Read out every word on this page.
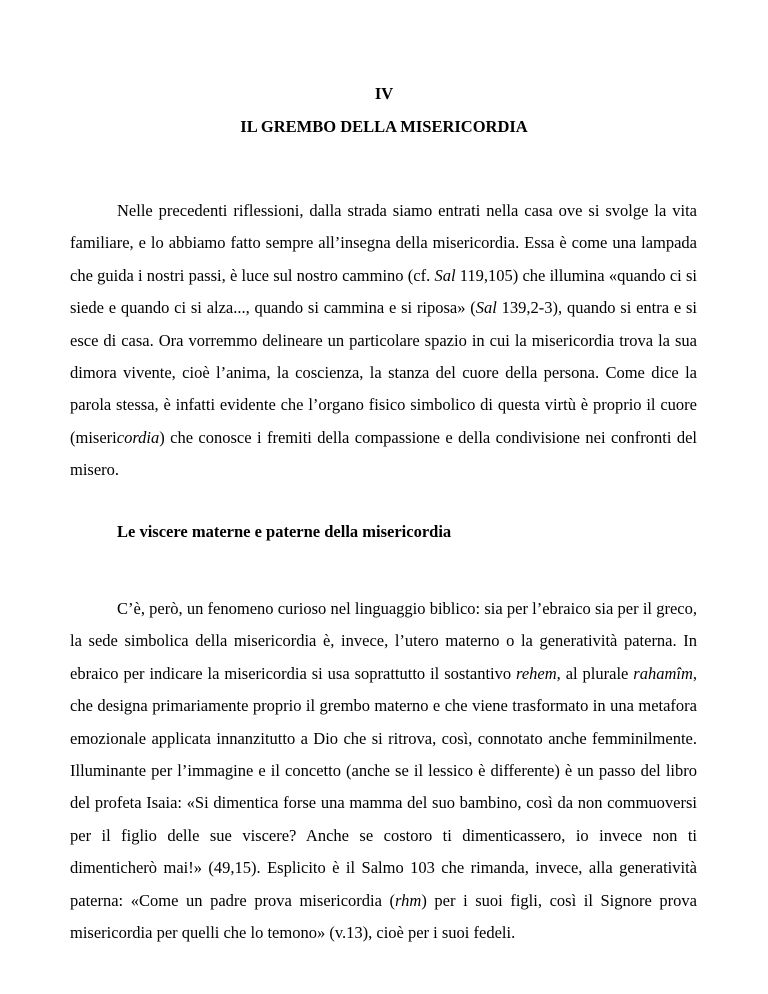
IV
IL GREMBO DELLA MISERICORDIA

Nelle precedenti riflessioni, dalla strada siamo entrati nella casa ove si svolge la vita familiare, e lo abbiamo fatto sempre all’insegna della misericordia. Essa è come una lampada che guida i nostri passi, è luce sul nostro cammino (cf. Sal 119,105) che illumina «quando ci si siede e quando ci si alza..., quando si cammina e si riposa» (Sal 139,2-3), quando si entra e si esce di casa. Ora vorremmo delineare un particolare spazio in cui la misericordia trova la sua dimora vivente, cioè l’anima, la coscienza, la stanza del cuore della persona. Come dice la parola stessa, è infatti evidente che l’organo fisico simbolico di questa virtù è proprio il cuore (misericordia) che conosce i fremiti della compassione e della condivisione nei confronti del misero.

Le viscere materne e paterne della misericordia

C’è, però, un fenomeno curioso nel linguaggio biblico: sia per l’ebraico sia per il greco, la sede simbolica della misericordia è, invece, l’utero materno o la generatività paterna. In ebraico per indicare la misericordia si usa soprattutto il sostantivo rehem, al plurale rahamîm, che designa primariamente proprio il grembo materno e che viene trasformato in una metafora emozionale applicata innanzitutto a Dio che si ritrova, così, connotato anche femminilmente. Illuminante per l’immagine e il concetto (anche se il lessico è differente) è un passo del libro del profeta Isaia: «Si dimentica forse una mamma del suo bambino, così da non commuoversi per il figlio delle sue viscere? Anche se costoro ti dimenticassero, io invece non ti dimenticherò mai!» (49,15). Esplicito è il Salmo 103 che rimanda, invece, alla generatività paterna: «Come un padre prova misericordia (rhm) per i suoi figli, così il Signore prova misericordia per quelli che lo temono» (v.13), cioè per i suoi fedeli.
